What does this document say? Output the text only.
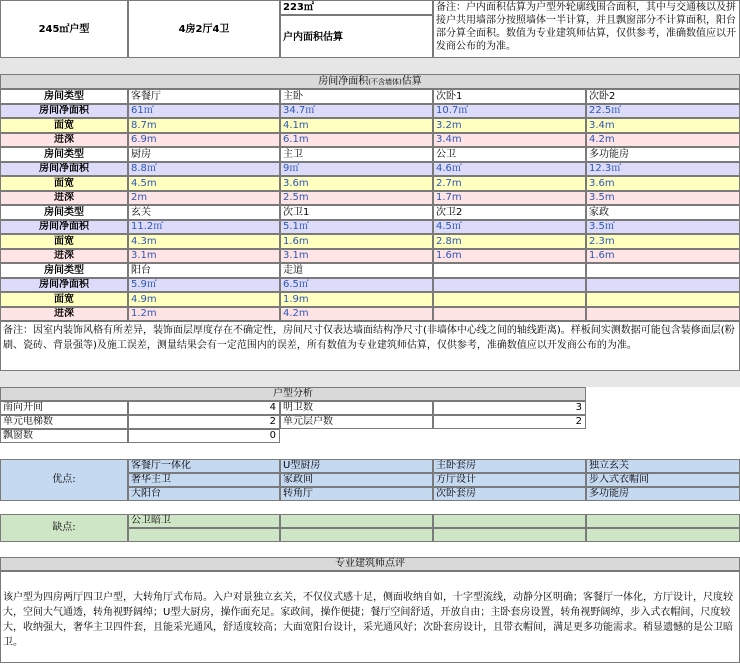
245㎡户型	4房2厅4卫
223㎡
户内面积估算
备注：户内面积估算为户型外轮廓线围合面积，其中与交通核以及拼接户共用墙部分按照墙体一半计算，并且飘窗部分不计算面积，阳台部分算全面积。数值为专业建筑师估算，仅供参考，准确数值应以开发商公布的为准。
房间净面积(不含墙体)估算
房间类型	客餐厅	主卧	次卧1	次卧2
房间净面积	61㎡	34.7㎡	10.7㎡	22.5㎡
面宽	8.7m	4.1m	3.2m	3.4m
进深	6.9m	6.1m	3.4m	4.2m
房间类型	厨房	主卫	公卫	多功能房
房间净面积	8.8㎡	9㎡	4.6㎡	12.3㎡
面宽	4.5m	3.6m	2.7m	3.6m
进深	2m	2.5m	1.7m	3.5m
房间类型	玄关	次卫1	次卫2	家政
房间净面积	11.2㎡	5.1㎡	4.5㎡	3.5㎡
面宽	4.3m	1.6m	2.8m	2.3m
进深	3.1m	3.1m	1.6m	1.6m
房间类型	阳台	走道
房间净面积	5.9㎡	6.5㎡
面宽	4.9m	1.9m
进深	1.2m	4.2m
备注：因室内装饰风格有所差异，装饰面层厚度存在不确定性，房间尺寸仅表达墙面结构净尺寸(非墙体中心线之间的轴线距离)。样板间实测数据可能包含装修面层(粉刷、瓷砖、背景强等)及施工误差，测量结果会有一定范围内的误差，所有数值为专业建筑师估算，仅供参考，准确数值应以开发商公布的为准。
户型分析
南向开间	4 明卫数	3
单元电梯数	2 单元层户数	2
飘窗数	0
优点:
客餐厅一体化	U型厨房	主卧套房	独立玄关
奢华主卫	家政间	方厅设计	步入式衣帽间
大阳台	转角厅	次卧套房	多功能房
缺点:
公卫暗卫
专业建筑师点评
该户型为四房两厅四卫户型，大转角厅式布局。入户对景独立玄关，不仅仪式感十足，侧面收纳自如，十字型流线，动静分区明确；客餐厅一体化，方厅设计，尺度较大，空间大气通透，转角视野阔绰；U型大厨房，操作面充足。家政间，操作便捷；餐厅空间舒适，开放自由；主卧套房设置，转角视野阔绰，步入式衣帽间，尺度较大，收纳强大，奢华主卫四件套，且能采光通风，舒适度较高；大面宽阳台设计，采光通风好；次卧套房设计，且带衣帽间，满足更多功能需求。稍显遗憾的是公卫暗卫。
